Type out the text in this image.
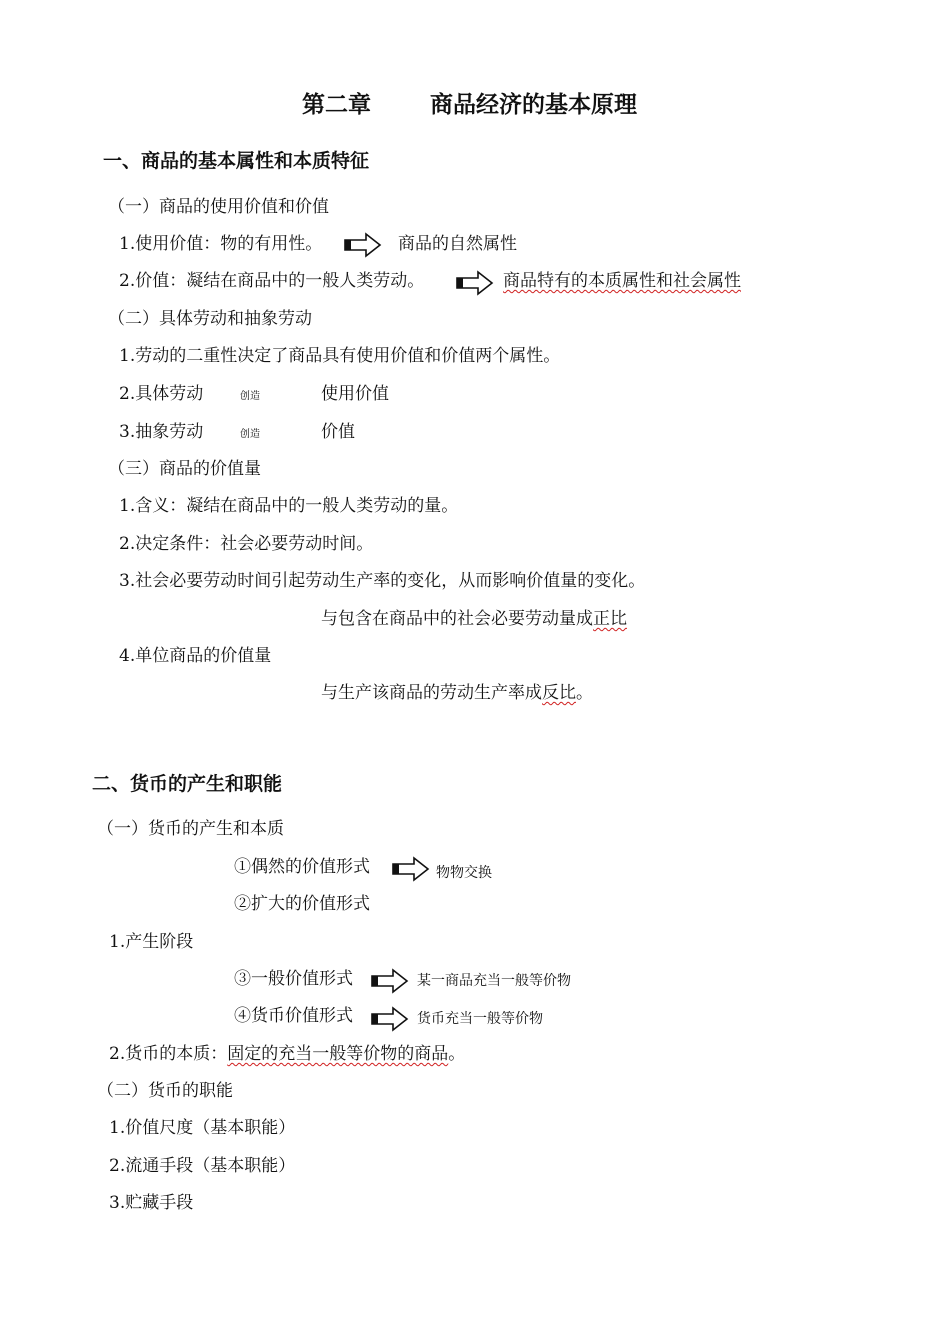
第二章	商品经济的基本原理
一、商品的基本属性和本质特征
（一）商品的使用价值和价值
1.使用价值：物的有用性。	商品的自然属性
2.价值：凝结在商品中的一般人类劳动。	商品特有的本质属性和社会属性
（二）具体劳动和抽象劳动
1.劳动的二重性决定了商品具有使用价值和价值两个属性。
2.具体劳动	创造	使用价值
3.抽象劳动	创造	价值
（三）商品的价值量
1.含义：凝结在商品中的一般人类劳动的量。
2.决定条件：社会必要劳动时间。
3.社会必要劳动时间引起劳动生产率的变化，从而影响价值量的变化。
与包含在商品中的社会必要劳动量成正比
4.单位商品的价值量
与生产该商品的劳动生产率成反比。
二、货币的产生和职能
（一）货币的产生和本质
①偶然的价值形式	物物交换
②扩大的价值形式
1.产生阶段
③一般价值形式	某一商品充当一般等价物
④货币价值形式	货币充当一般等价物
2.货币的本质：固定的充当一般等价物的商品。
（二）货币的职能
1.价值尺度（基本职能）
2.流通手段（基本职能）
3.贮藏手段
